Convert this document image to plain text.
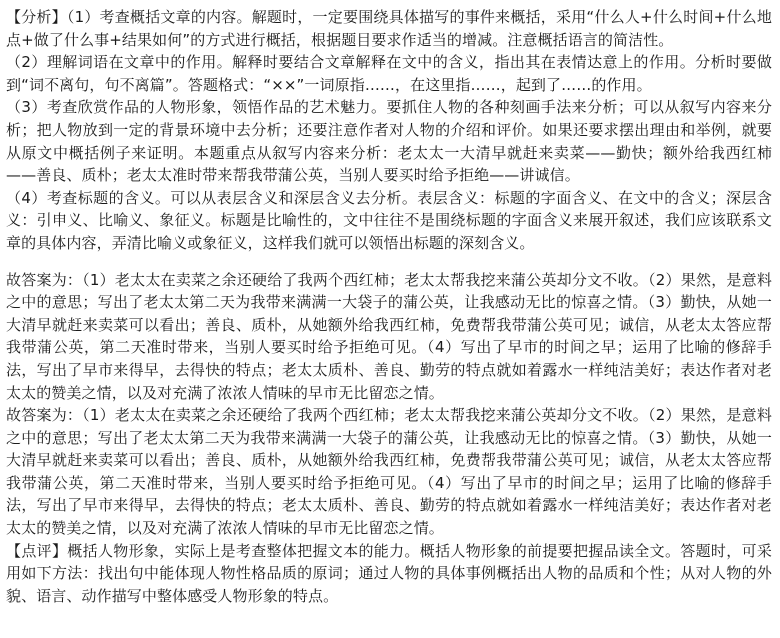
【分析】（1）考查概括文章的内容。解题时，一定要围绕具体描写的事件来概括，采用“什么人+什么时间+什么地点+做了什么事+结果如何”的方式进行概括，根据题目要求作适当的增减。注意概括语言的简洁性。

（2）理解词语在文章中的作用。解释时要结合文章解释在文中的含义，指出其在表情达意上的作用。分析时要做到“词不离句，句不离篇”。答题格式：“××”一词原指……，在这里指……，起到了……的作用。

（3）考查欣赏作品的人物形象，领悟作品的艺术魅力。要抓住人物的各种刻画手法来分析；可以从叙写内容来分析；把人物放到一定的背景环境中去分析；还要注意作者对人物的介绍和评价。如果还要求摆出理由和举例，就要从原文中概括例子来证明。本题重点从叙写内容来分析：老太太一大清早就赶来卖菜——勤快；额外给我西红柿——善良、质朴；老太太准时带来帮我带蒲公英，当别人要买时给予拒绝——讲诚信。

（4）考查标题的含义。可以从表层含义和深层含义去分析。表层含义：标题的字面含义、在文中的含义；深层含义：引申义、比喻义、象征义。标题是比喻性的，文中往往不是围绕标题的字面含义来展开叙述，我们应该联系文章的具体内容，弄清比喻义或象征义，这样我们就可以领悟出标题的深刻含义。

故答案为：（1）老太太在卖菜之余还硬给了我两个西红柿；老太太帮我挖来蒲公英却分文不收。（2）果然，是意料之中的意思；写出了老太太第二天为我带来满满一大袋子的蒲公英，让我感动无比的惊喜之情。（3）勤快，从她一大清早就赶来卖菜可以看出；善良、质朴，从她额外给我西红柿，免费帮我带蒲公英可见；诚信，从老太太答应帮我带蒲公英，第二天准时带来，当别人要买时给予拒绝可见。（4）写出了早市的时间之早；运用了比喻的修辞手法，写出了早市来得早，去得快的特点；老太太质朴、善良、勤劳的特点就如着露水一样纯洁美好；表达作者对老太太的赞美之情，以及对充满了浓浓人情味的早市无比留恋之情。

故答案为：（1）老太太在卖菜之余还硬给了我两个西红柿；老太太帮我挖来蒲公英却分文不收。（2）果然，是意料之中的意思；写出了老太太第二天为我带来满满一大袋子的蒲公英，让我感动无比的惊喜之情。（3）勤快，从她一大清早就赶来卖菜可以看出；善良、质朴，从她额外给我西红柿，免费帮我带蒲公英可见；诚信，从老太太答应帮我带蒲公英，第二天准时带来，当别人要买时给予拒绝可见。（4）写出了早市的时间之早；运用了比喻的修辞手法，写出了早市来得早，去得快的特点；老太太质朴、善良、勤劳的特点就如着露水一样纯洁美好；表达作者对老太太的赞美之情，以及对充满了浓浓人情味的早市无比留恋之情。

【点评】概括人物形象，实际上是考查整体把握文本的能力。概括人物形象的前提要把握品读全文。答题时，可采用如下方法：找出句中能体现人物性格品质的原词；通过人物的具体事例概括出人物的品质和个性；从对人物的外貌、语言、动作描写中整体感受人物形象的特点。
